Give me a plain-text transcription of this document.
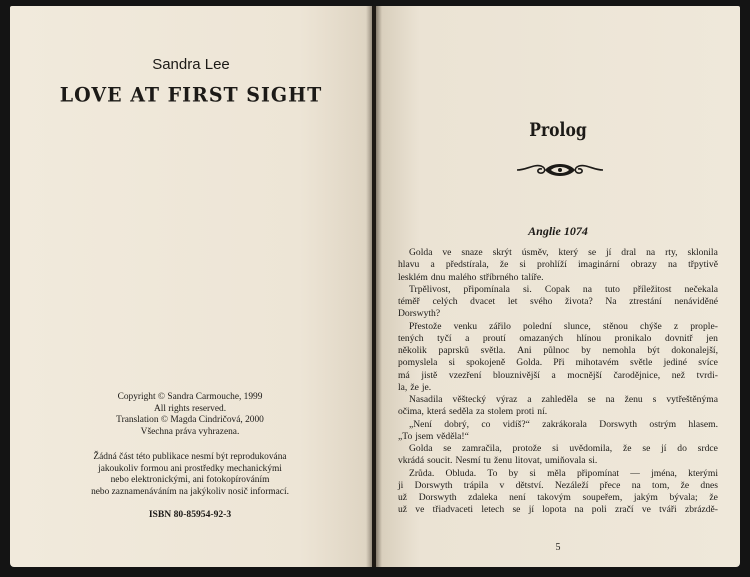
Sandra Lee
LOVE AT FIRST SIGHT
Copyright © Sandra Carmouche, 1999
All rights reserved.
Translation © Magda Cindričová, 2000
Všechna práva vyhrazena.
Žádná část této publikace nesmí být reprodukována
jakoukoliv formou ani prostředky mechanickými
nebo elektronickými, ani fotokopírováním
nebo zaznamenáváním na jakýkoliv nosič informací.
ISBN 80-85954-92-3
Prolog
Anglie 1074
Golda ve snaze skrýt úsměv, který se jí dral na rty, sklonila
hlavu a předstírala, že si prohlíží imaginární obrazy na třpytivě
lesklém dnu malého stříbrného talíře.
Trpělivost, připomínala si. Copak na tuto příležitost nečekala
téměř celých dvacet let svého života? Na ztrestání nenáviděné
Dorswyth?
Přestože venku zářilo polední slunce, stěnou chýše z prople-
tených tyčí a proutí omazaných hlínou pronikalo dovnitř jen
několik paprsků světla. Ani půlnoc by nemohla být dokonalejší,
pomyslela si spokojeně Golda. Při mihotavém světle jediné svíce
má jistě vzezření blouznivější a mocnější čarodějnice, než tvrdi-
la, že je.
Nasadila věštecký výraz a zahleděla se na ženu s vytřeštěnýma
očima, která seděla za stolem proti ní.
„Není dobrý, co vidíš?“ zakrákorala Dorswyth ostrým hlasem.
„To jsem věděla!“
Golda se zamračila, protože si uvědomila, že se jí do srdce
vkrádá soucit. Nesmí tu ženu litovat, umiňovala si.
Zrůda. Obluda. To by si měla připomínat — jména, kterými
ji Dorswyth trápila v dětství. Nezáleží přece na tom, že dnes
už Dorswyth zdaleka není takovým soupeřem, jakým bývala; že
už ve třiadvaceti letech se jí lopota na poli zračí ve tváři zbrázdě-
5
